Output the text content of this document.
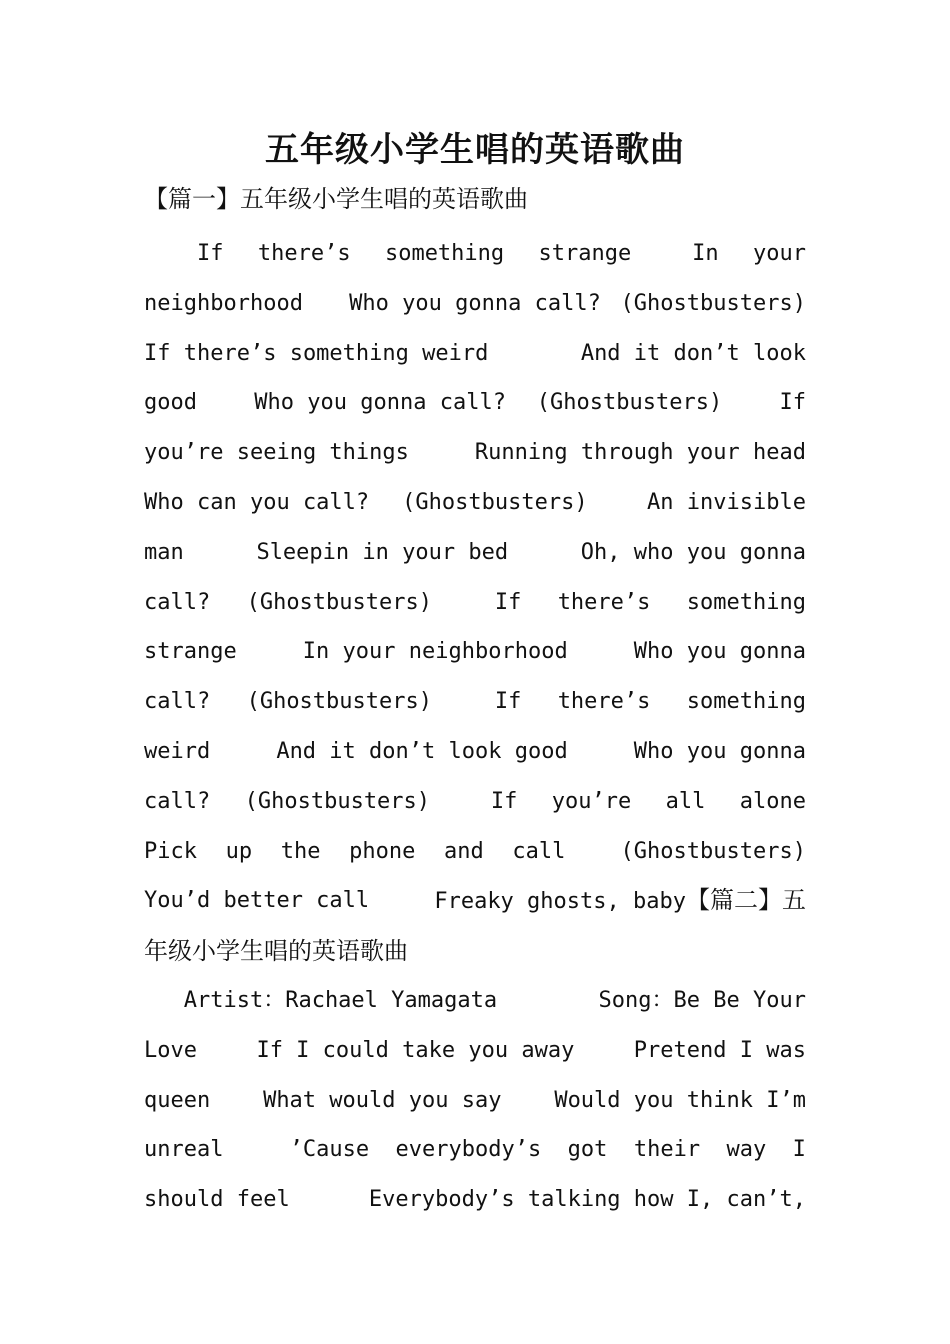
五年级小学生唱的英语歌曲
【篇一】五年级小学生唱的英语歌曲
If there’s something strange In your
neighborhood Who you gonna call? (Ghostbusters)
If there’s something weird	And it don’t look
good Who you gonna call? (Ghostbusters) If
you’re seeing things Running through your head
Who can you call? (Ghostbusters) An invisible
man Sleepin in your bed Oh, who you gonna
call? (Ghostbusters) If there’s something
strange In your neighborhood Who you gonna
call? (Ghostbusters) If there’s something
weird And it don’t look good Who you gonna
call? (Ghostbusters) If you’re all alone
Pick up the phone and call (Ghostbusters)
You’d better call Freaky ghosts, baby【篇二】五
年级小学生唱的英语歌曲
Artist：Rachael Yamagata	Song：Be Be Your
Love If I could take you away Pretend I was
queen What would you say Would you think I’m
unreal ’Cause everybody’s got their way I
should feel Everybody’s talking how I, can’t,
